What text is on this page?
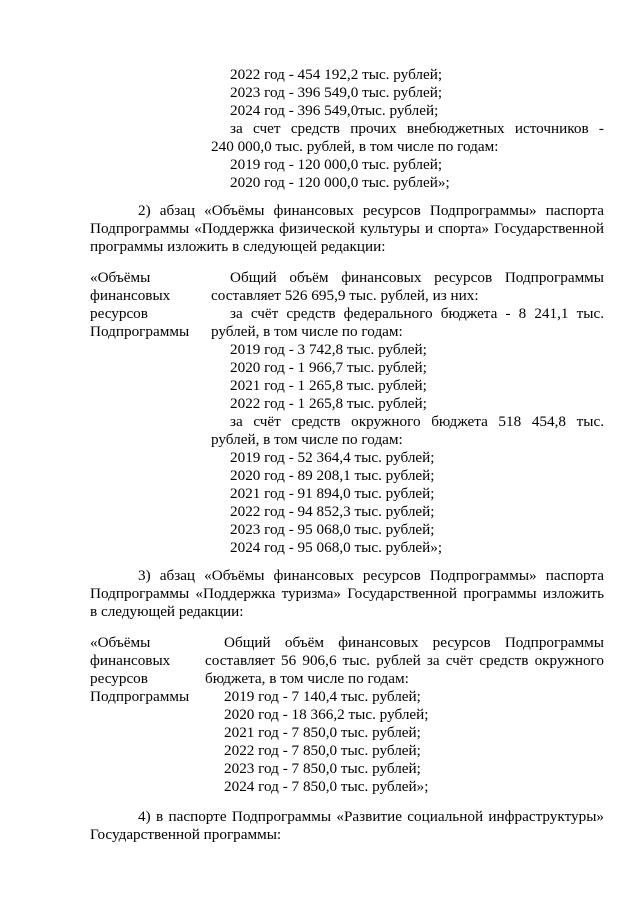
2022 год - 454 192,2 тыс. рублей;
2023 год - 396 549,0 тыс. рублей;
2024 год - 396 549,0тыс. рублей;
за счет средств прочих внебюджетных источников -
240 000,0 тыс. рублей, в том числе по годам:
2019 год - 120 000,0 тыс. рублей;
2020 год - 120 000,0 тыс. рублей»;
2) абзац «Объёмы финансовых ресурсов Подпрограммы» паспорта
Подпрограммы «Поддержка физической культуры и спорта» Государственной
программы изложить в следующей редакции:
«Объёмы
финансовых
ресурсов
Подпрограммы
Общий объём финансовых ресурсов Подпрограммы
составляет 526 695,9 тыс. рублей, из них:
за счёт средств федерального бюджета - 8 241,1 тыс.
рублей, в том числе по годам:
2019 год - 3 742,8 тыс. рублей;
2020 год - 1 966,7 тыс. рублей;
2021 год - 1 265,8 тыс. рублей;
2022 год - 1 265,8 тыс. рублей;
за счёт средств окружного бюджета 518 454,8 тыс.
рублей, в том числе по годам:
2019 год - 52 364,4 тыс. рублей;
2020 год - 89 208,1 тыс. рублей;
2021 год - 91 894,0 тыс. рублей;
2022 год - 94 852,3 тыс. рублей;
2023 год - 95 068,0 тыс. рублей;
2024 год - 95 068,0 тыс. рублей»;
3) абзац «Объёмы финансовых ресурсов Подпрограммы» паспорта
Подпрограммы «Поддержка туризма» Государственной программы изложить
в следующей редакции:
«Объёмы
финансовых
ресурсов
Подпрограммы
Общий объём финансовых ресурсов Подпрограммы
составляет 56 906,6 тыс. рублей за счёт средств окружного
бюджета, в том числе по годам:
2019 год - 7 140,4 тыс. рублей;
2020 год - 18 366,2 тыс. рублей;
2021 год - 7 850,0 тыс. рублей;
2022 год - 7 850,0 тыс. рублей;
2023 год - 7 850,0 тыс. рублей;
2024 год - 7 850,0 тыс. рублей»;
4) в паспорте Подпрограммы «Развитие социальной инфраструктуры»
Государственной программы:
